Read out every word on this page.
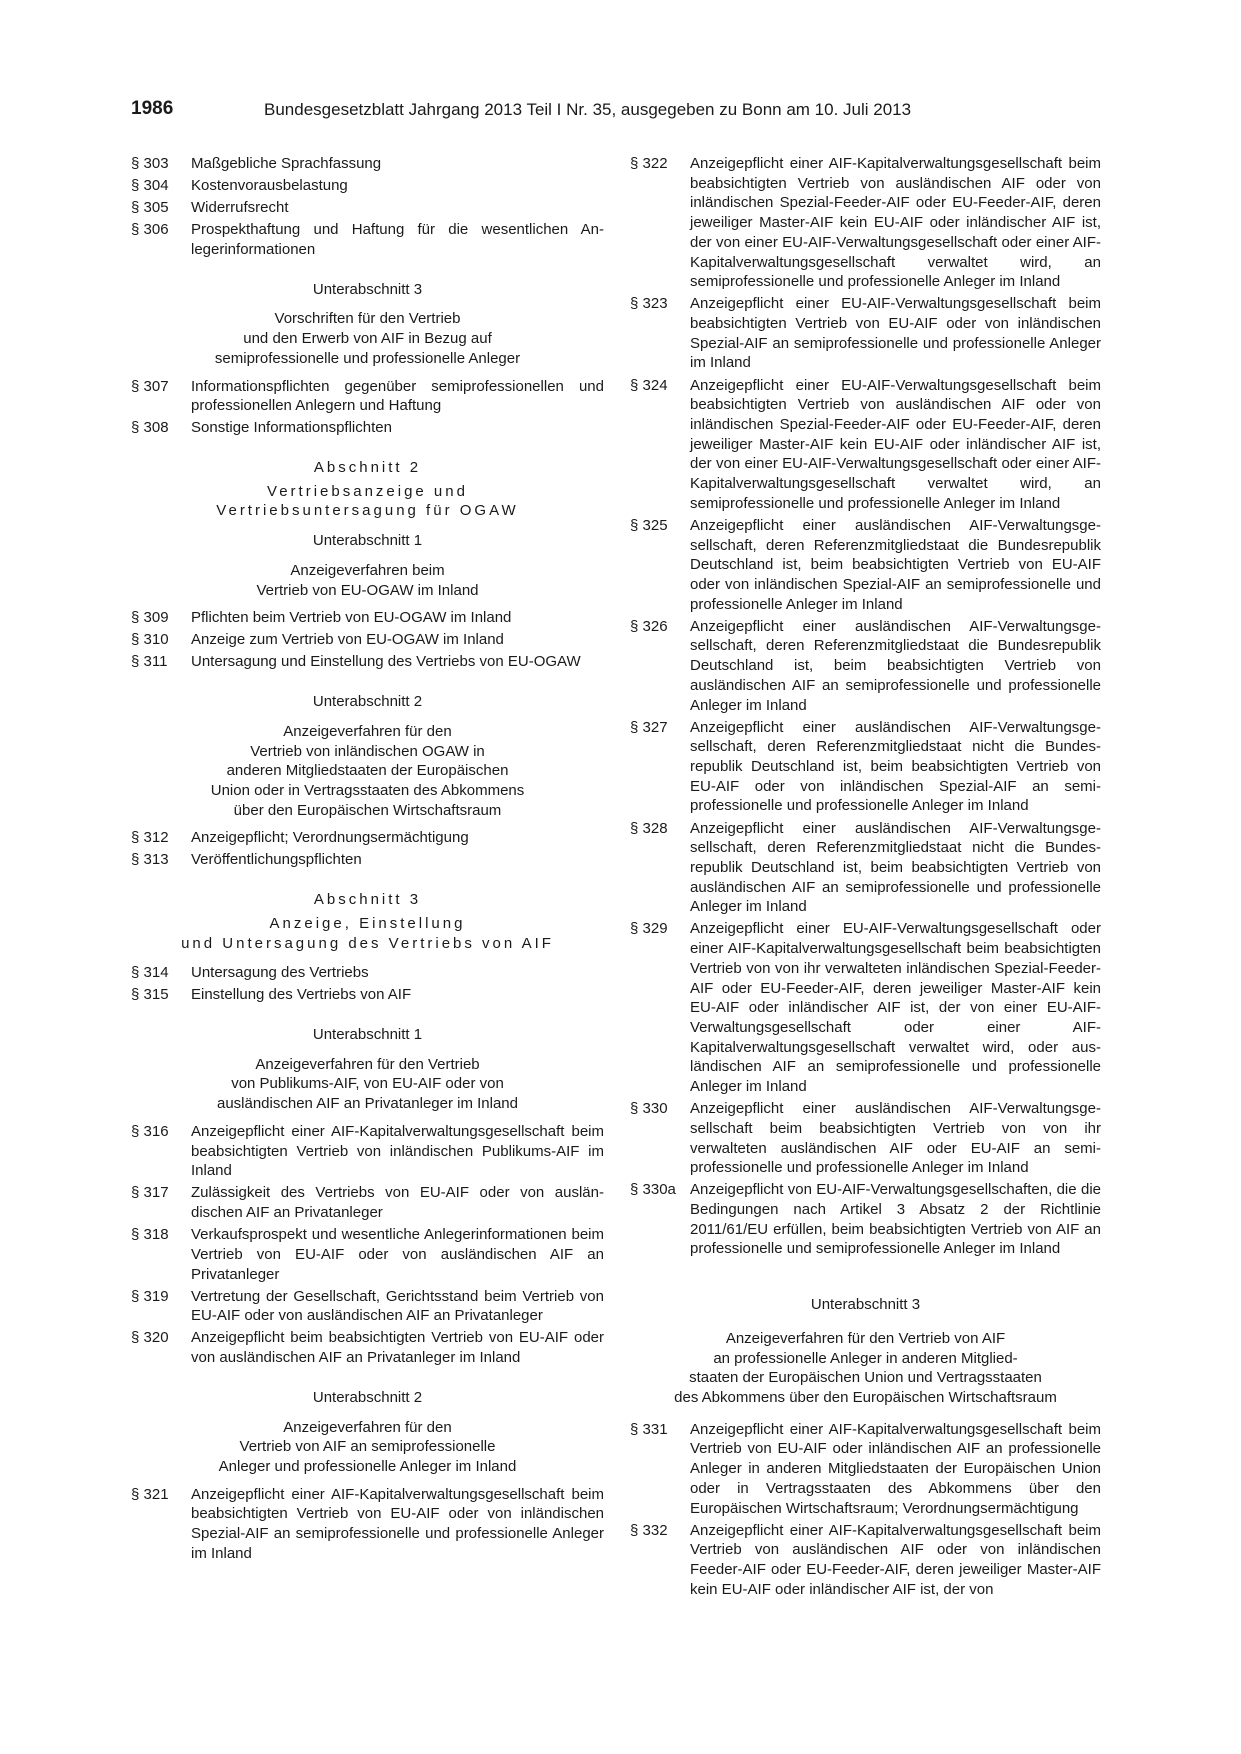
1986	Bundesgesetzblatt Jahrgang 2013 Teil I Nr. 35, ausgegeben zu Bonn am 10. Juli 2013
§ 303	Maßgebliche Sprachfassung
§ 304	Kostenvorausbelastung
§ 305	Widerrufsrecht
§ 306	Prospekthaftung und Haftung für die wesentlichen Anlegerinformationen
Unterabschnitt 3
Vorschriften für den Vertrieb
und den Erwerb von AIF in Bezug auf
semiprofessionelle und professionelle Anleger
§ 307	Informationspflichten gegenüber semiprofessionellen und professionellen Anlegern und Haftung
§ 308	Sonstige Informationspflichten
Abschnitt 2
Vertriebsanzeige und
Vertriebsuntersagung für OGAW
Unterabschnitt 1
Anzeigeverfahren beim
Vertrieb von EU-OGAW im Inland
§ 309	Pflichten beim Vertrieb von EU-OGAW im Inland
§ 310	Anzeige zum Vertrieb von EU-OGAW im Inland
§ 311	Untersagung und Einstellung des Vertriebs von EU-OGAW
Unterabschnitt 2
Anzeigeverfahren für den
Vertrieb von inländischen OGAW in
anderen Mitgliedstaaten der Europäischen
Union oder in Vertragsstaaten des Abkommens
über den Europäischen Wirtschaftsraum
§ 312	Anzeigepflicht; Verordnungsermächtigung
§ 313	Veröffentlichungspflichten
Abschnitt 3
Anzeige, Einstellung
und Untersagung des Vertriebs von AIF
§ 314	Untersagung des Vertriebs
§ 315	Einstellung des Vertriebs von AIF
Unterabschnitt 1
Anzeigeverfahren für den Vertrieb
von Publikums-AIF, von EU-AIF oder von
ausländischen AIF an Privatanleger im Inland
§ 316	Anzeigepflicht einer AIF-Kapitalverwaltungsgesellschaft beim beabsichtigten Vertrieb von inländischen Publikums-AIF im Inland
§ 317	Zulässigkeit des Vertriebs von EU-AIF oder von ausländischen AIF an Privatanleger
§ 318	Verkaufsprospekt und wesentliche Anlegerinformationen beim Vertrieb von EU-AIF oder von ausländischen AIF an Privatanleger
§ 319	Vertretung der Gesellschaft, Gerichtsstand beim Vertrieb von EU-AIF oder von ausländischen AIF an Privatanleger
§ 320	Anzeigepflicht beim beabsichtigten Vertrieb von EU-AIF oder von ausländischen AIF an Privatanleger im Inland
Unterabschnitt 2
Anzeigeverfahren für den
Vertrieb von AIF an semiprofessionelle
Anleger und professionelle Anleger im Inland
§ 321	Anzeigepflicht einer AIF-Kapitalverwaltungsgesellschaft beim beabsichtigten Vertrieb von EU-AIF oder von inländischen Spezial-AIF an semiprofessionelle und professionelle Anleger im Inland
§ 322	Anzeigepflicht einer AIF-Kapitalverwaltungsgesellschaft beim beabsichtigten Vertrieb von ausländischen AIF oder von inländischen Spezial-Feeder-AIF oder EU-Feeder-AIF, deren jeweiliger Master-AIF kein EU-AIF oder inländischer AIF ist, der von einer EU-AIF-Verwaltungsgesellschaft oder einer AIF-Kapitalverwaltungsgesellschaft verwaltet wird, an semiprofessionelle und professionelle Anleger im Inland
§ 323	Anzeigepflicht einer EU-AIF-Verwaltungsgesellschaft beim beabsichtigten Vertrieb von EU-AIF oder von inländischen Spezial-AIF an semiprofessionelle und professionelle Anleger im Inland
§ 324	Anzeigepflicht einer EU-AIF-Verwaltungsgesellschaft beim beabsichtigten Vertrieb von ausländischen AIF oder von inländischen Spezial-Feeder-AIF oder EU-Feeder-AIF, deren jeweiliger Master-AIF kein EU-AIF oder inländischer AIF ist, der von einer EU-AIF-Verwaltungsgesellschaft oder einer AIF-Kapitalverwaltungsgesellschaft verwaltet wird, an semiprofessionelle und professionelle Anleger im Inland
§ 325	Anzeigepflicht einer ausländischen AIF-Verwaltungsgesellschaft, deren Referenzmitgliedstaat die Bundesrepublik Deutschland ist, beim beabsichtigten Vertrieb von EU-AIF oder von inländischen Spezial-AIF an semiprofessionelle und professionelle Anleger im Inland
§ 326	Anzeigepflicht einer ausländischen AIF-Verwaltungsgesellschaft, deren Referenzmitgliedstaat die Bundesrepublik Deutschland ist, beim beabsichtigten Vertrieb von ausländischen AIF an semiprofessionelle und professionelle Anleger im Inland
§ 327	Anzeigepflicht einer ausländischen AIF-Verwaltungsgesellschaft, deren Referenzmitgliedstaat nicht die Bundesrepublik Deutschland ist, beim beabsichtigten Vertrieb von EU-AIF oder von inländischen Spezial-AIF an semiprofessionelle und professionelle Anleger im Inland
§ 328	Anzeigepflicht einer ausländischen AIF-Verwaltungsgesellschaft, deren Referenzmitgliedstaat nicht die Bundesrepublik Deutschland ist, beim beabsichtigten Vertrieb von ausländischen AIF an semiprofessionelle und professionelle Anleger im Inland
§ 329	Anzeigepflicht einer EU-AIF-Verwaltungsgesellschaft oder einer AIF-Kapitalverwaltungsgesellschaft beim beabsichtigten Vertrieb von von ihr verwalteten inländischen Spezial-Feeder-AIF oder EU-Feeder-AIF, deren jeweiliger Master-AIF kein EU-AIF oder inländischer AIF ist, der von einer EU-AIF-Verwaltungsgesellschaft oder einer AIF-Kapitalverwaltungsgesellschaft verwaltet wird, oder ausländischen AIF an semiprofessionelle und professionelle Anleger im Inland
§ 330	Anzeigepflicht einer ausländischen AIF-Verwaltungsgesellschaft beim beabsichtigten Vertrieb von von ihr verwalteten ausländischen AIF oder EU-AIF an semiprofessionelle und professionelle Anleger im Inland
§ 330a Anzeigepflicht von EU-AIF-Verwaltungsgesellschaften, die die Bedingungen nach Artikel 3 Absatz 2 der Richtlinie 2011/61/EU erfüllen, beim beabsichtigten Vertrieb von AIF an professionelle und semiprofessionelle Anleger im Inland
Unterabschnitt 3
Anzeigeverfahren für den Vertrieb von AIF
an professionelle Anleger in anderen Mitglied-
staaten der Europäischen Union und Vertragsstaaten
des Abkommens über den Europäischen Wirtschaftsraum
§ 331	Anzeigepflicht einer AIF-Kapitalverwaltungsgesellschaft beim Vertrieb von EU-AIF oder inländischen AIF an professionelle Anleger in anderen Mitgliedstaaten der Europäischen Union oder in Vertragsstaaten des Abkommens über den Europäischen Wirtschaftsraum; Verordnungsermächtigung
§ 332	Anzeigepflicht einer AIF-Kapitalverwaltungsgesellschaft beim Vertrieb von ausländischen AIF oder von inländischen Feeder-AIF oder EU-Feeder-AIF, deren jeweiliger Master-AIF kein EU-AIF oder inländischer AIF ist, der von
